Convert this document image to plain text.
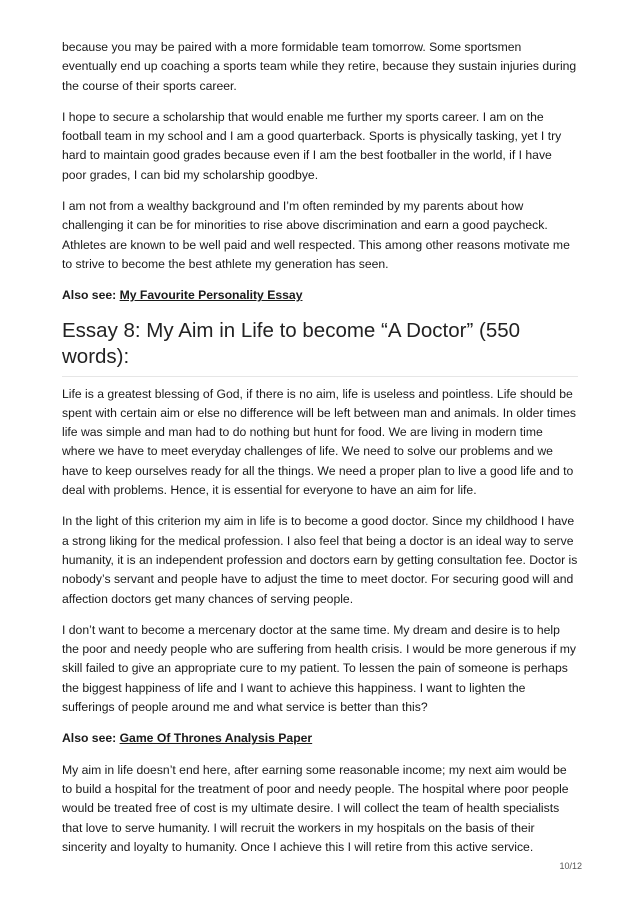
because you may be paired with a more formidable team tomorrow. Some sportsmen eventually end up coaching a sports team while they retire, because they sustain injuries during the course of their sports career.

I hope to secure a scholarship that would enable me further my sports career. I am on the football team in my school and I am a good quarterback. Sports is physically tasking, yet I try hard to maintain good grades because even if I am the best footballer in the world, if I have poor grades, I can bid my scholarship goodbye.

I am not from a wealthy background and I’m often reminded by my parents about how challenging it can be for minorities to rise above discrimination and earn a good paycheck. Athletes are known to be well paid and well respected. This among other reasons motivate me to strive to become the best athlete my generation has seen.

Also see: My Favourite Personality Essay
Essay 8: My Aim in Life to become “A Doctor” (550 words):

Life is a greatest blessing of God, if there is no aim, life is useless and pointless. Life should be spent with certain aim or else no difference will be left between man and animals. In older times life was simple and man had to do nothing but hunt for food. We are living in modern time where we have to meet everyday challenges of life. We need to solve our problems and we have to keep ourselves ready for all the things. We need a proper plan to live a good life and to deal with problems. Hence, it is essential for everyone to have an aim for life.

In the light of this criterion my aim in life is to become a good doctor. Since my childhood I have a strong liking for the medical profession. I also feel that being a doctor is an ideal way to serve humanity, it is an independent profession and doctors earn by getting consultation fee. Doctor is nobody’s servant and people have to adjust the time to meet doctor. For securing good will and affection doctors get many chances of serving people.

I don’t want to become a mercenary doctor at the same time. My dream and desire is to help the poor and needy people who are suffering from health crisis. I would be more generous if my skill failed to give an appropriate cure to my patient. To lessen the pain of someone is perhaps the biggest happiness of life and I want to achieve this happiness. I want to lighten the sufferings of people around me and what service is better than this?

Also see: Game Of Thrones Analysis Paper

My aim in life doesn’t end here, after earning some reasonable income; my next aim would be to build a hospital for the treatment of poor and needy people. The hospital where poor people would be treated free of cost is my ultimate desire. I will collect the team of health specialists that love to serve humanity. I will recruit the workers in my hospitals on the basis of their sincerity and loyalty to humanity. Once I achieve this I will retire from this active service.

10/12
